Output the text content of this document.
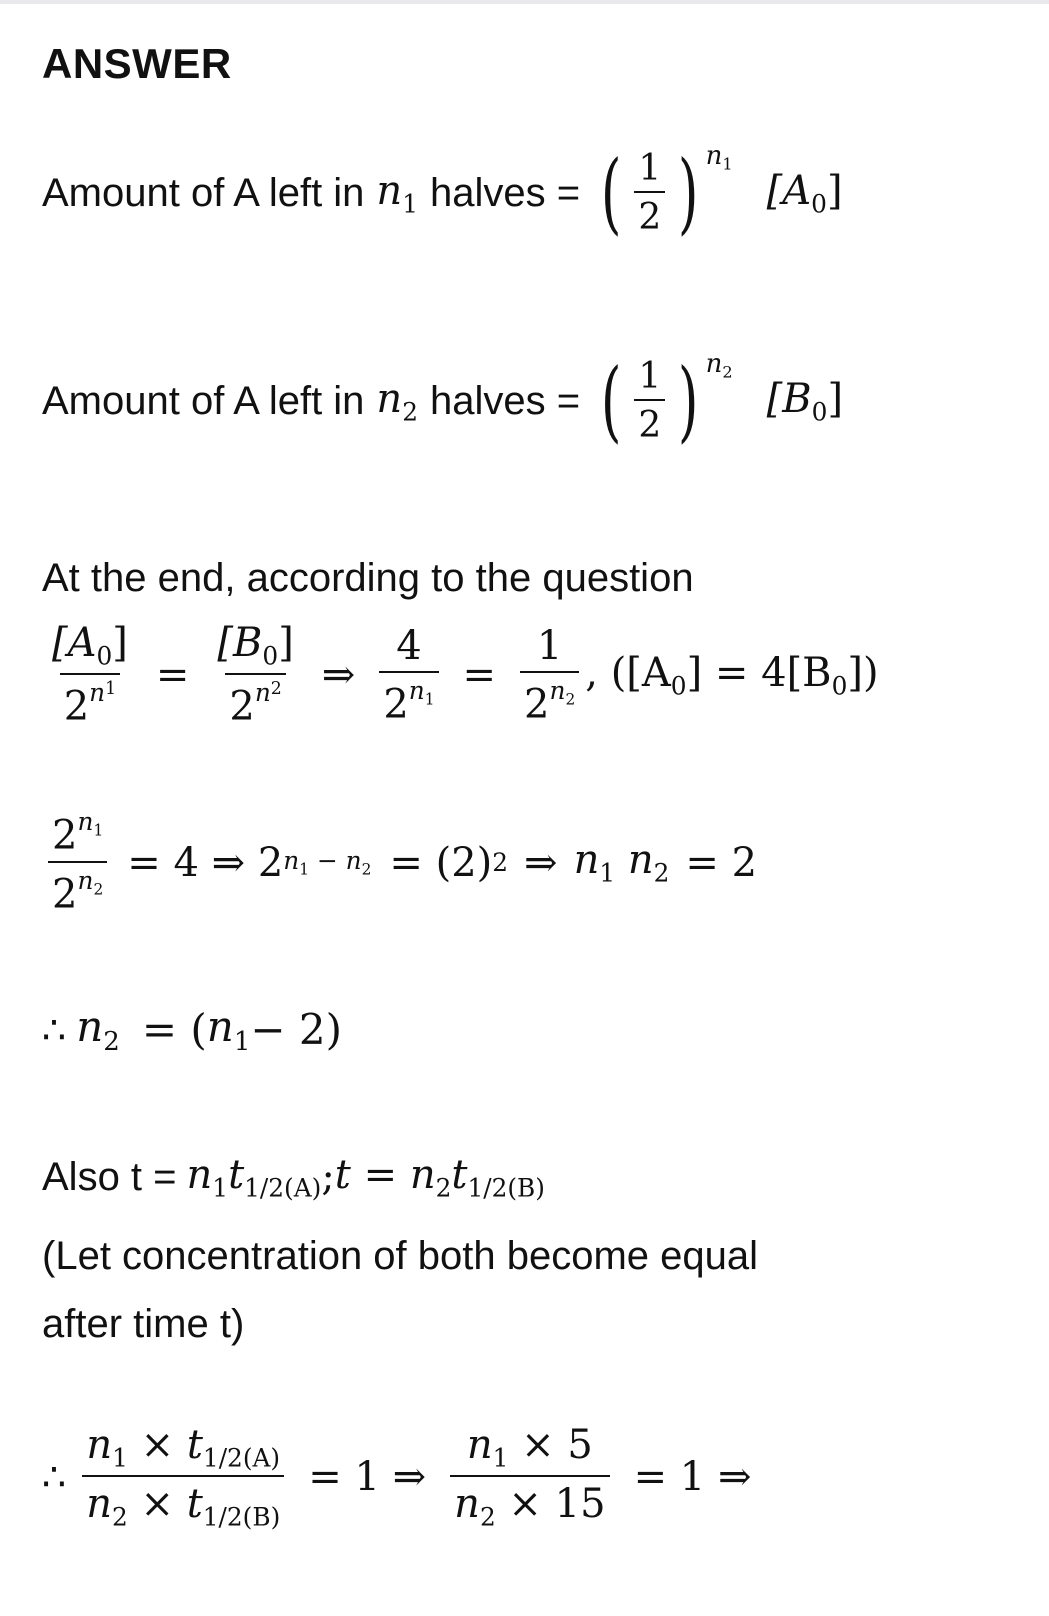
ANSWER
Amount of A left in $n_1$ halves = ( $\frac{1}{2}$ ) $n_1$
$[A_0]$
Amount of A left in $n_2$ halves = ( $\frac{1}{2}$ ) $n_2$
$[B_0]$
At the end, according to the question
$\frac{[A_0]}{2^{n^1}} = \frac{[B_0]}{2^{n^2}}$ ⇒ $\frac{4}{2^{n_1}} = \frac{1}{2^{n_2}}$ , $([A_0] = 4[B_0])$
$\frac{2^{n_1}}{2^{n_2}} = 4$ ⇒ 2 $n_1 - n_2 = (2)$ 2 ⇒ $n_1$ $n_2 = 2$
∴ $n_2$ = ( $n_1 - 2$)
Also $t = n_1t_{1/2(A)}$ ; $t = n_2t_{1/2(B)}$
(Let concentration of both become equal
after time t)
∴ $\frac{n_1 \times t_{1/2(A)}}{n_2 \times t_{1/2(B)}} = 1$ ⇒ $\frac{n_1 \times 5}{n_2 \times 15} = 1$ ⇒
